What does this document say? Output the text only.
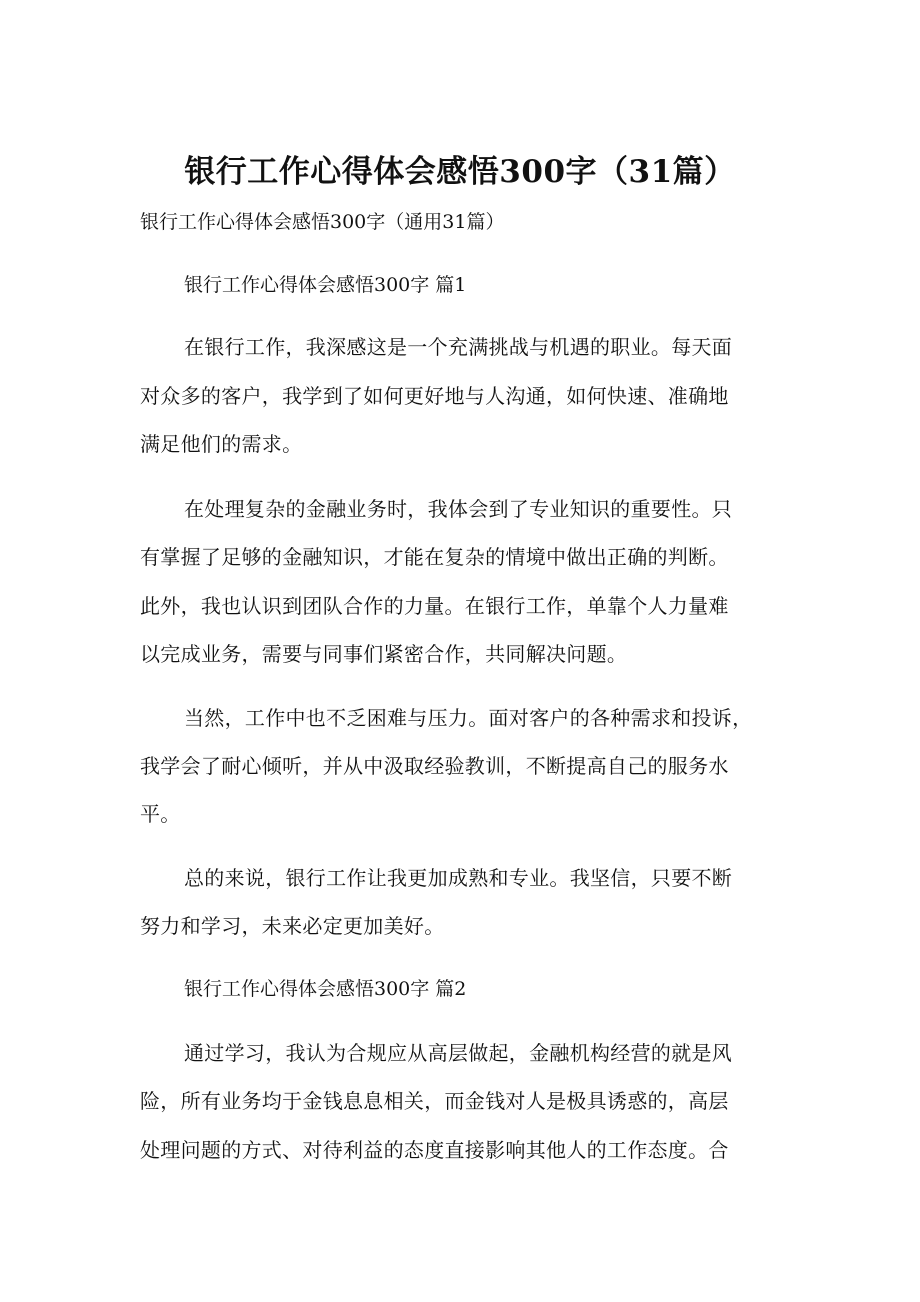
银行工作心得体会感悟300字（31篇）
银行工作心得体会感悟300字（通用31篇）
银行工作心得体会感悟300字 篇1
在银行工作，我深感这是一个充满挑战与机遇的职业。每天面
对众多的客户，我学到了如何更好地与人沟通，如何快速、准确地
满足他们的需求。
在处理复杂的金融业务时，我体会到了专业知识的重要性。只
有掌握了足够的金融知识，才能在复杂的情境中做出正确的判断。
此外，我也认识到团队合作的力量。在银行工作，单靠个人力量难
以完成业务，需要与同事们紧密合作，共同解决问题。
当然，工作中也不乏困难与压力。面对客户的各种需求和投诉，
我学会了耐心倾听，并从中汲取经验教训，不断提高自己的服务水
平。
总的来说，银行工作让我更加成熟和专业。我坚信，只要不断
努力和学习，未来必定更加美好。
银行工作心得体会感悟300字 篇2
通过学习，我认为合规应从高层做起，金融机构经营的就是风
险，所有业务均于金钱息息相关，而金钱对人是极具诱惑的，高层
处理问题的方式、对待利益的态度直接影响其他人的工作态度。合
